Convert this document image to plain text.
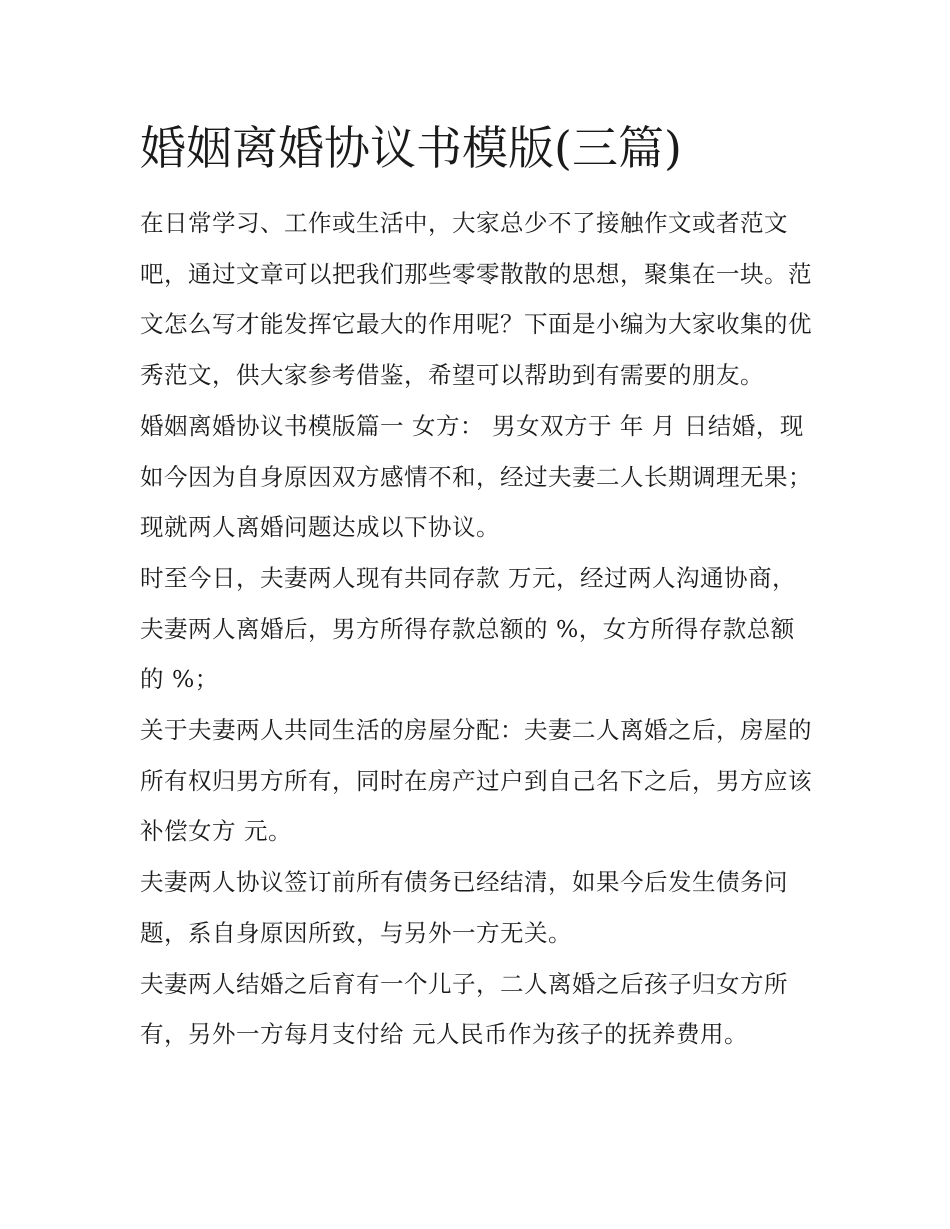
婚姻离婚协议书模版(三篇)

在日常学习、工作或生活中，大家总少不了接触作文或者范文吧，通过文章可以把我们那些零零散散的思想，聚集在一块。范文怎么写才能发挥它最大的作用呢？下面是小编为大家收集的优秀范文，供大家参考借鉴，希望可以帮助到有需要的朋友。

婚姻离婚协议书模版篇一 女方： 男女双方于 年 月 日结婚，现如今因为自身原因双方感情不和，经过夫妻二人长期调理无果；现就两人离婚问题达成以下协议。

时至今日，夫妻两人现有共同存款 万元，经过两人沟通协商，夫妻两人离婚后，男方所得存款总额的 %，女方所得存款总额的 %；

关于夫妻两人共同生活的房屋分配：夫妻二人离婚之后，房屋的所有权归男方所有，同时在房产过户到自己名下之后，男方应该补偿女方 元。

夫妻两人协议签订前所有债务已经结清，如果今后发生债务问题，系自身原因所致，与另外一方无关。

夫妻两人结婚之后育有一个儿子，二人离婚之后孩子归女方所有，另外一方每月支付给 元人民币作为孩子的抚养费用。
